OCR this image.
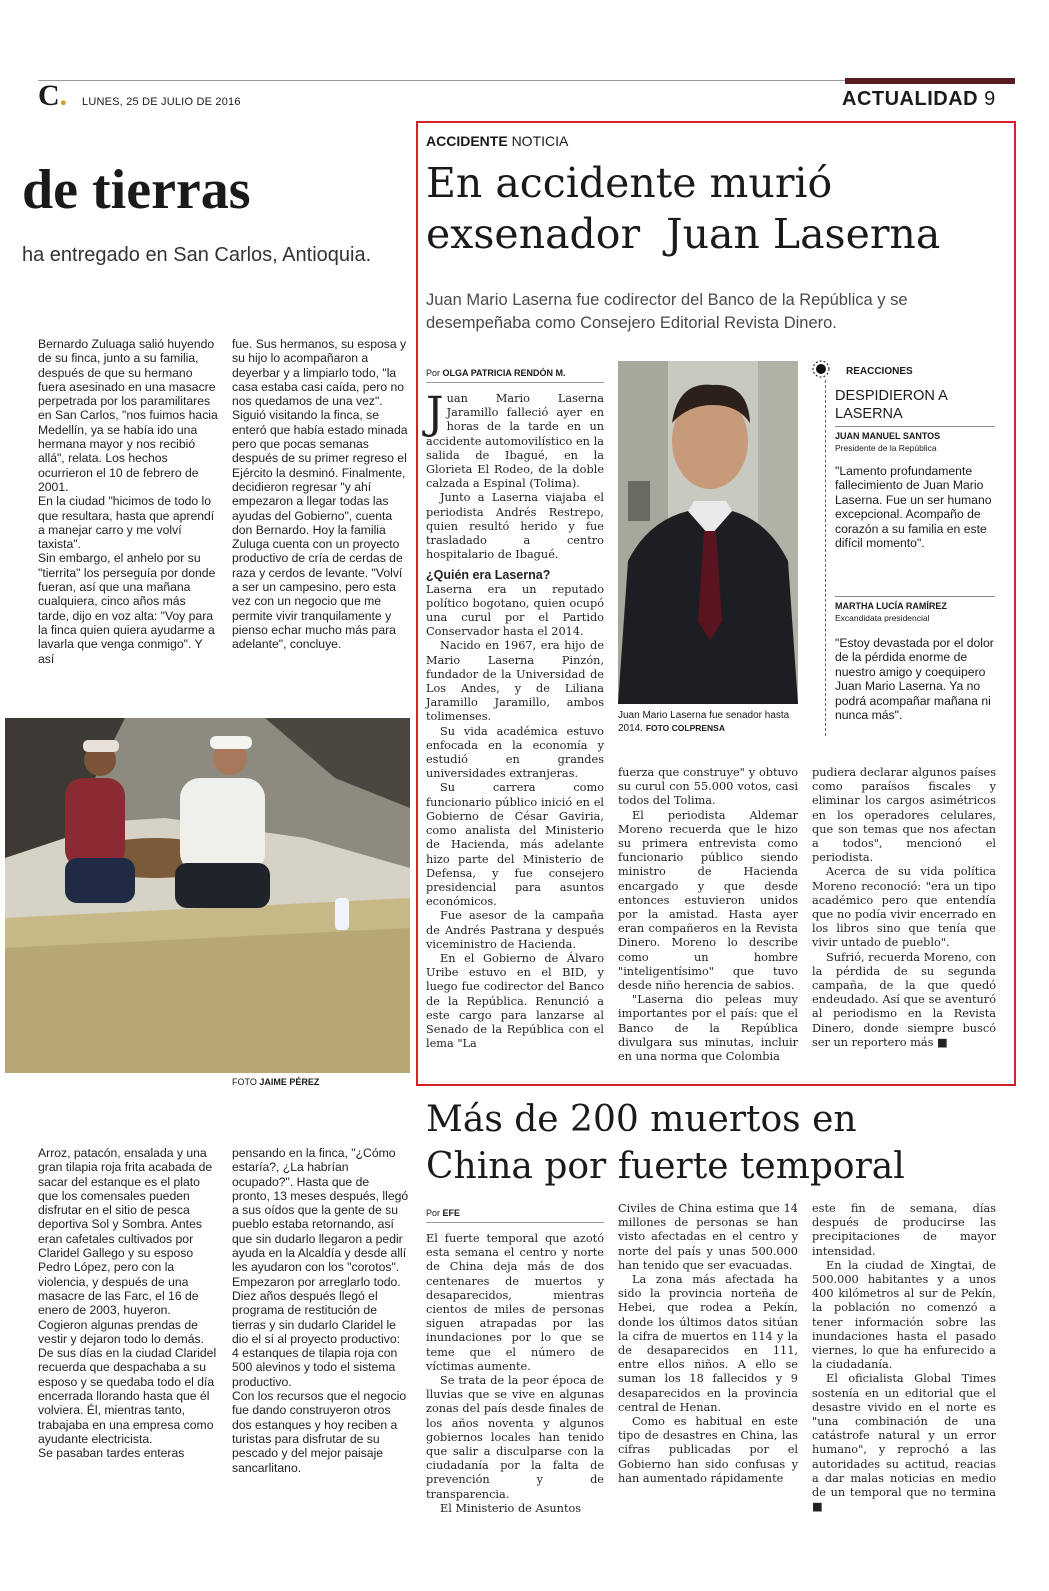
C. LUNES, 25 DE JULIO DE 2016	ACTUALIDAD 9
de tierras
ha entregado en San Carlos, Antioquia.

Bernardo Zuluaga salió huyendo de su finca, junto a su familia, después de que su hermano fuera asesinado en una masacre perpetrada por los paramilitares en San Carlos, "nos fuimos hacia Medellín, ya se había ido una hermana mayor y nos recibió allá", relata. Los hechos ocurrieron el 10 de febrero de 2001.

En la ciudad "hicimos de todo lo que resultara, hasta que aprendí a manejar carro y me volví taxista".

Sin embargo, el anhelo por su "tierrita" los perseguía por donde fueran, así que una mañana cualquiera, cinco años más tarde, dijo en voz alta: "Voy para la finca quien quiera ayudarme a lavarla que venga conmigo". Y así

fue. Sus hermanos, su esposa y su hijo lo acompañaron a deyerbar y a limpiarlo todo, "la casa estaba casi caída, pero no nos quedamos de una vez". Siguió visitando la finca, se enteró que había estado minada pero que pocas semanas después de su primer regreso el Ejército la desminó. Finalmente, decidieron regresar "y ahí empezaron a llegar todas las ayudas del Gobierno", cuenta don Bernardo. Hoy la familia Zuluga cuenta con un proyecto productivo de cría de cerdas de raza y cerdos de levante. "Volví a ser un campesino, pero esta vez con un negocio que me permite vivir tranquilamente y pienso echar mucho más para adelante", concluye.

FOTO JAIME PÉREZ

Arroz, patacón, ensalada y una gran tilapia roja frita acabada de sacar del estanque es el plato que los comensales pueden disfrutar en el sitio de pesca deportiva Sol y Sombra. Antes eran cafetales cultivados por Claridel Gallego y su esposo Pedro López, pero con la violencia, y después de una masacre de las Farc, el 16 de enero de 2003, huyeron. Cogieron algunas prendas de vestir y dejaron todo lo demás.

De sus días en la ciudad Claridel recuerda que despachaba a su esposo y se quedaba todo el día encerrada llorando hasta que él volviera. Él, mientras tanto, trabajaba en una empresa como ayudante electricista.

Se pasaban tardes enteras

pensando en la finca, "¿Cómo estaría?, ¿La habrían ocupado?". Hasta que de pronto, 13 meses después, llegó a sus oídos que la gente de su pueblo estaba retornando, así que sin dudarlo llegaron a pedir ayuda en la Alcaldía y desde allí les ayudaron con los "corotos". Empezaron por arreglarlo todo.

Diez años después llegó el programa de restitución de tierras y sin dudarlo Claridel le dio el sí al proyecto productivo: 4 estanques de tilapia roja con 500 alevinos y todo el sistema productivo.

Con los recursos que el negocio fue dando construyeron otros dos estanques y hoy reciben a turistas para disfrutar de su pescado y del mejor paisaje sancarlitano.

ACCIDENTE NOTICIA
En accidente murió
exsenador  Juan Laserna
Juan Mario Laserna fue codirector del Banco de la República y se desempeñaba como Consejero Editorial Revista Dinero.
Por OLGA PATRICIA RENDÓN M.

Juan Mario Laserna Jaramillo falleció ayer en horas de la tarde en un accidente automovilístico en la salida de Ibagué, en la Glorieta El Rodeo, de la doble calzada a Espinal (Tolima).

Junto a Laserna viajaba el periodista Andrés Restrepo, quien resultó herido y fue trasladado a centro hospitalario de Ibagué.

¿Quién era Laserna?

Laserna era un reputado político bogotano, quien ocupó una curul por el Partido Conservador hasta el 2014.

Nacido en 1967, era hijo de Mario Laserna Pinzón, fundador de la Universidad de Los Andes, y de Liliana Jaramillo Jaramillo, ambos tolimenses.

Su vida académica estuvo enfocada en la economía y estudió en grandes universidades extranjeras.

Su carrera como funcionario público inició en el Gobierno de César Gaviria, como analista del Ministerio de Hacienda, más adelante hizo parte del Ministerio de Defensa, y fue consejero presidencial para asuntos económicos.

Fue asesor de la campaña de Andrés Pastrana y después viceministro de Hacienda.

En el Gobierno de Álvaro Uribe estuvo en el BID, y luego fue codirector del Banco de la República. Renunció a este cargo para lanzarse al Senado de la República con el lema "La

Juan Mario Laserna fue senador hasta 2014. FOTO COLPRENSA

fuerza que construye" y obtuvo su curul con 55.000 votos, casi todos del Tolima.

El periodista Aldemar Moreno recuerda que le hizo su primera entrevista como funcionario público siendo ministro de Hacienda encargado y que desde entonces estuvieron unidos por la amistad. Hasta ayer eran compañeros en la Revista Dinero. Moreno lo describe como un hombre "inteligentísimo" que tuvo desde niño herencia de sabios.

"Laserna dio peleas muy importantes por el país: que el Banco de la República divulgara sus minutas, incluir en una norma que Colombia

REACCIONES
DESPIDIERON A LASERNA
JUAN MANUEL SANTOS
Presidente de la República
"Lamento profundamente fallecimiento de Juan Mario Laserna. Fue un ser humano excepcional. Acompaño de corazón a su familia en este difícil momento".
MARTHA LUCÍA RAMÍREZ
Excandidata presidencial
"Estoy devastada por el dolor de la pérdida enorme de nuestro amigo y coequipero Juan Mario Laserna. Ya no podrá acompañar mañana ni nunca más".

pudiera declarar algunos países como paraísos fiscales y eliminar los cargos asimétricos en los operadores celulares, que son temas que nos afectan a todos", mencionó el periodista.

Acerca de su vida política Moreno reconoció: "era un tipo académico pero que entendía que no podía vivir encerrado en los libros sino que tenía que vivir untado de pueblo".

Sufrió, recuerda Moreno, con la pérdida de su segunda campaña, de la que quedó endeudado. Así que se aventuró al periodismo en la Revista Dinero, donde siempre buscó ser un reportero más ■

Más de 200 muertos en
China por fuerte temporal
Por EFE

El fuerte temporal que azotó esta semana el centro y norte de China deja más de dos centenares de muertos y desaparecidos, mientras cientos de miles de personas siguen atrapadas por las inundaciones por lo que se teme que el número de víctimas aumente.

Se trata de la peor época de lluvias que se vive en algunas zonas del país desde finales de los años noventa y algunos gobiernos locales han tenido que salir a disculparse con la ciudadanía por la falta de prevención y de transparencia.

El Ministerio de Asuntos

Civiles de China estima que 14 millones de personas se han visto afectadas en el centro y norte del país y unas 500.000 han tenido que ser evacuadas.

La zona más afectada ha sido la provincia norteña de Hebei, que rodea a Pekín, donde los últimos datos sitúan la cifra de muertos en 114 y la de desaparecidos en 111, entre ellos niños. A ello se suman los 18 fallecidos y 9 desaparecidos en la provincia central de Henan.

Como es habitual en este tipo de desastres en China, las cifras publicadas por el Gobierno han sido confusas y han aumentado rápidamente

este fin de semana, días después de producirse las precipitaciones de mayor intensidad.

En la ciudad de Xingtai, de 500.000 habitantes y a unos 400 kilómetros al sur de Pekín, la población no comenzó a tener información sobre las inundaciones hasta el pasado viernes, lo que ha enfurecido a la ciudadanía.

El oficialista Global Times sostenía en un editorial que el desastre vivido en el norte es "una combinación de una catástrofe natural y un error humano", y reprochó a las autoridades su actitud, reacias a dar malas noticias en medio de un temporal que no termina ■
